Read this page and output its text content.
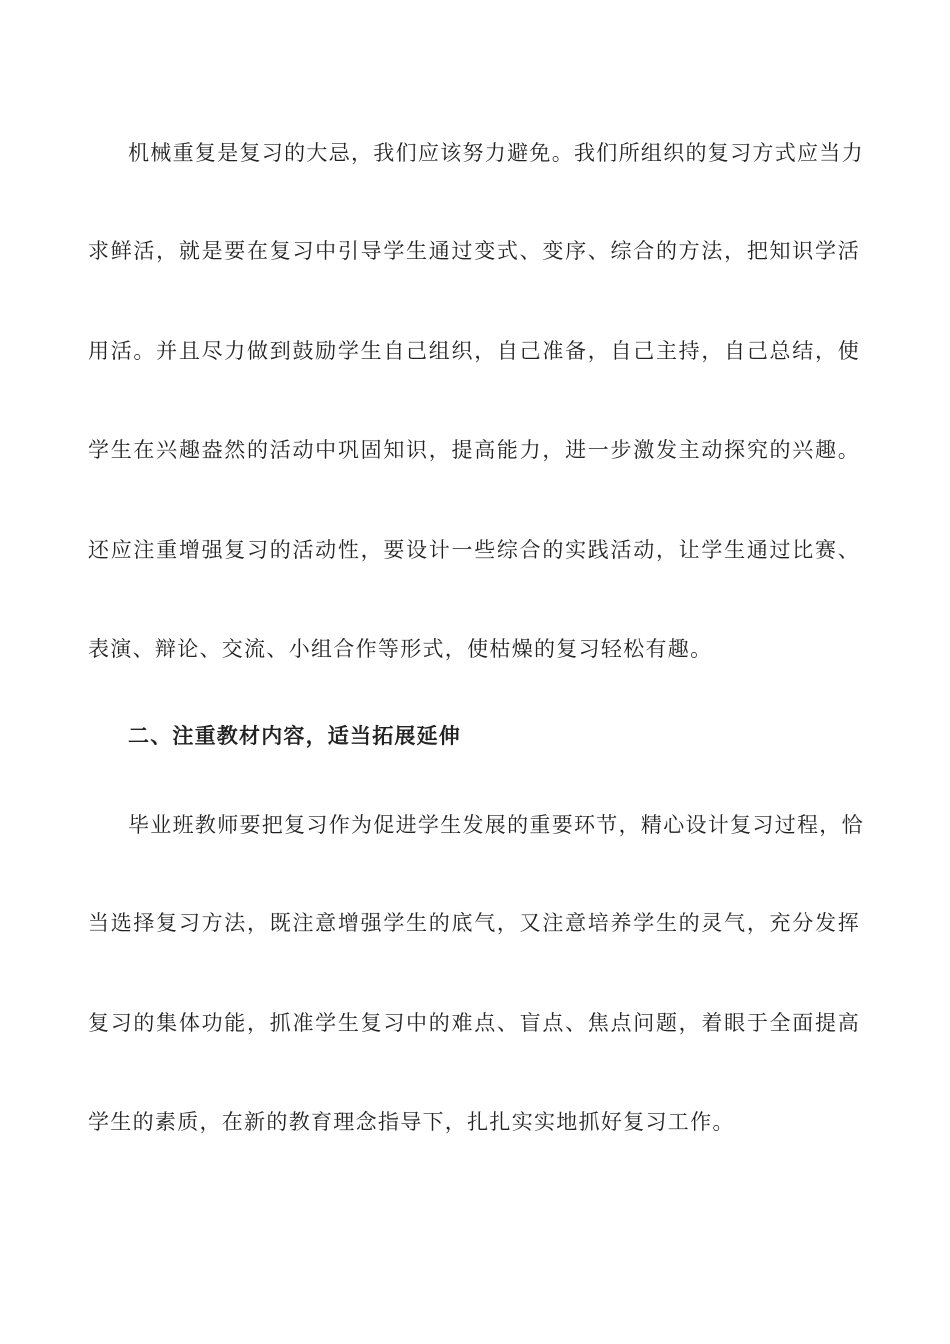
机械重复是复习的大忌，我们应该努力避免。我们所组织的复习方式应当力
求鲜活，就是要在复习中引导学生通过变式、变序、综合的方法，把知识学活
用活。并且尽力做到鼓励学生自己组织，自己准备，自己主持，自己总结，使
学生在兴趣盎然的活动中巩固知识，提高能力，进一步激发主动探究的兴趣。
还应注重增强复习的活动性，要设计一些综合的实践活动，让学生通过比赛、
表演、辩论、交流、小组合作等形式，使枯燥的复习轻松有趣。
二、注重教材内容，适当拓展延伸
毕业班教师要把复习作为促进学生发展的重要环节，精心设计复习过程，恰
当选择复习方法，既注意增强学生的底气，又注意培养学生的灵气，充分发挥
复习的集体功能，抓准学生复习中的难点、盲点、焦点问题，着眼于全面提高
学生的素质，在新的教育理念指导下，扎扎实实地抓好复习工作。
